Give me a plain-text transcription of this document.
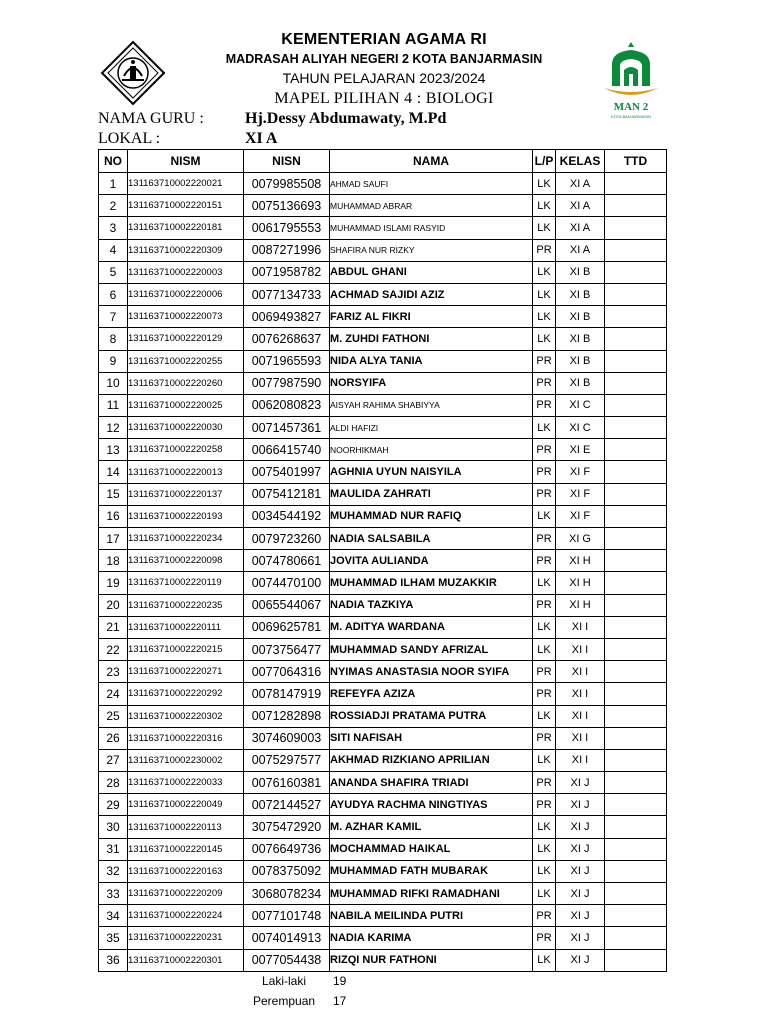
KEMENTERIAN AGAMA RI
MADRASAH ALIYAH NEGERI 2 KOTA BANJARMASIN
TAHUN PELAJARAN 2023/2024
MAPEL PILIHAN 4 : BIOLOGI	MAN 2
KOTA BANJARMASIN
NAMA GURU :	Hj.Dessy Abdumawaty, M.Pd
LOKAL :	XI A
NO	NISM	NISN	NAMA	L/P	KELAS	TTD
1	131163710002220021	0079985508	AHMAD SAUFI	LK	XI A	
2	131163710002220151	0075136693	MUHAMMAD ABRAR	LK	XI A	
3	131163710002220181	0061795553	MUHAMMAD ISLAMI RASYID	LK	XI A	
4	131163710002220309	0087271996	SHAFIRA NUR RIZKY	PR	XI A	
5	131163710002220003	0071958782	ABDUL GHANI	LK	XI B	
6	131163710002220006	0077134733	ACHMAD SAJIDI AZIZ	LK	XI B	
7	131163710002220073	0069493827	FARIZ AL FIKRI	LK	XI B	
8	131163710002220129	0076268637	M. ZUHDI FATHONI	LK	XI B	
9	131163710002220255	0071965593	NIDA ALYA TANIA	PR	XI B	
10	131163710002220260	0077987590	NORSYIFA	PR	XI B	
11	131163710002220025	0062080823	AISYAH RAHIMA SHABIYYA	PR	XI C	
12	131163710002220030	0071457361	ALDI HAFIZI	LK	XI C	
13	131163710002220258	0066415740	NOORHIKMAH	PR	XI E	
14	131163710002220013	0075401997	AGHNIA UYUN NAISYILA	PR	XI F	
15	131163710002220137	0075412181	MAULIDA ZAHRATI	PR	XI F	
16	131163710002220193	0034544192	MUHAMMAD NUR RAFIQ	LK	XI F	
17	131163710002220234	0079723260	NADIA SALSABILA	PR	XI G	
18	131163710002220098	0074780661	JOVITA AULIANDA	PR	XI H	
19	131163710002220119	0074470100	MUHAMMAD ILHAM MUZAKKIR	LK	XI H	
20	131163710002220235	0065544067	NADIA TAZKIYA	PR	XI H	
21	131163710002220111	0069625781	M. ADITYA WARDANA	LK	XI I	
22	131163710002220215	0073756477	MUHAMMAD SANDY AFRIZAL	LK	XI I	
23	131163710002220271	0077064316	NYIMAS ANASTASIA NOOR SYIFA	PR	XI I	
24	131163710002220292	0078147919	REFEYFA AZIZA	PR	XI I	
25	131163710002220302	0071282898	ROSSIADJI PRATAMA PUTRA	LK	XI I	
26	131163710002220316	3074609003	SITI NAFISAH	PR	XI I	
27	131163710002230002	0075297577	AKHMAD RIZKIANO APRILIAN	LK	XI I	
28	131163710002220033	0076160381	ANANDA SHAFIRA TRIADI	PR	XI J	
29	131163710002220049	0072144527	AYUDYA RACHMA NINGTIYAS	PR	XI J	
30	131163710002220113	3075472920	M. AZHAR KAMIL	LK	XI J	
31	131163710002220145	0076649736	MOCHAMMAD HAIKAL	LK	XI J	
32	131163710002220163	0078375092	MUHAMMAD FATH MUBARAK	LK	XI J	
33	131163710002220209	3068078234	MUHAMMAD RIFKI RAMADHANI	LK	XI J	
34	131163710002220224	0077101748	NABILA MEILINDA PUTRI	PR	XI J	
35	131163710002220231	0074014913	NADIA KARIMA	PR	XI J	
36	131163710002220301	0077054438	RIZQI NUR FATHONI	LK	XI J	
Laki-laki 19
Perempuan 17
